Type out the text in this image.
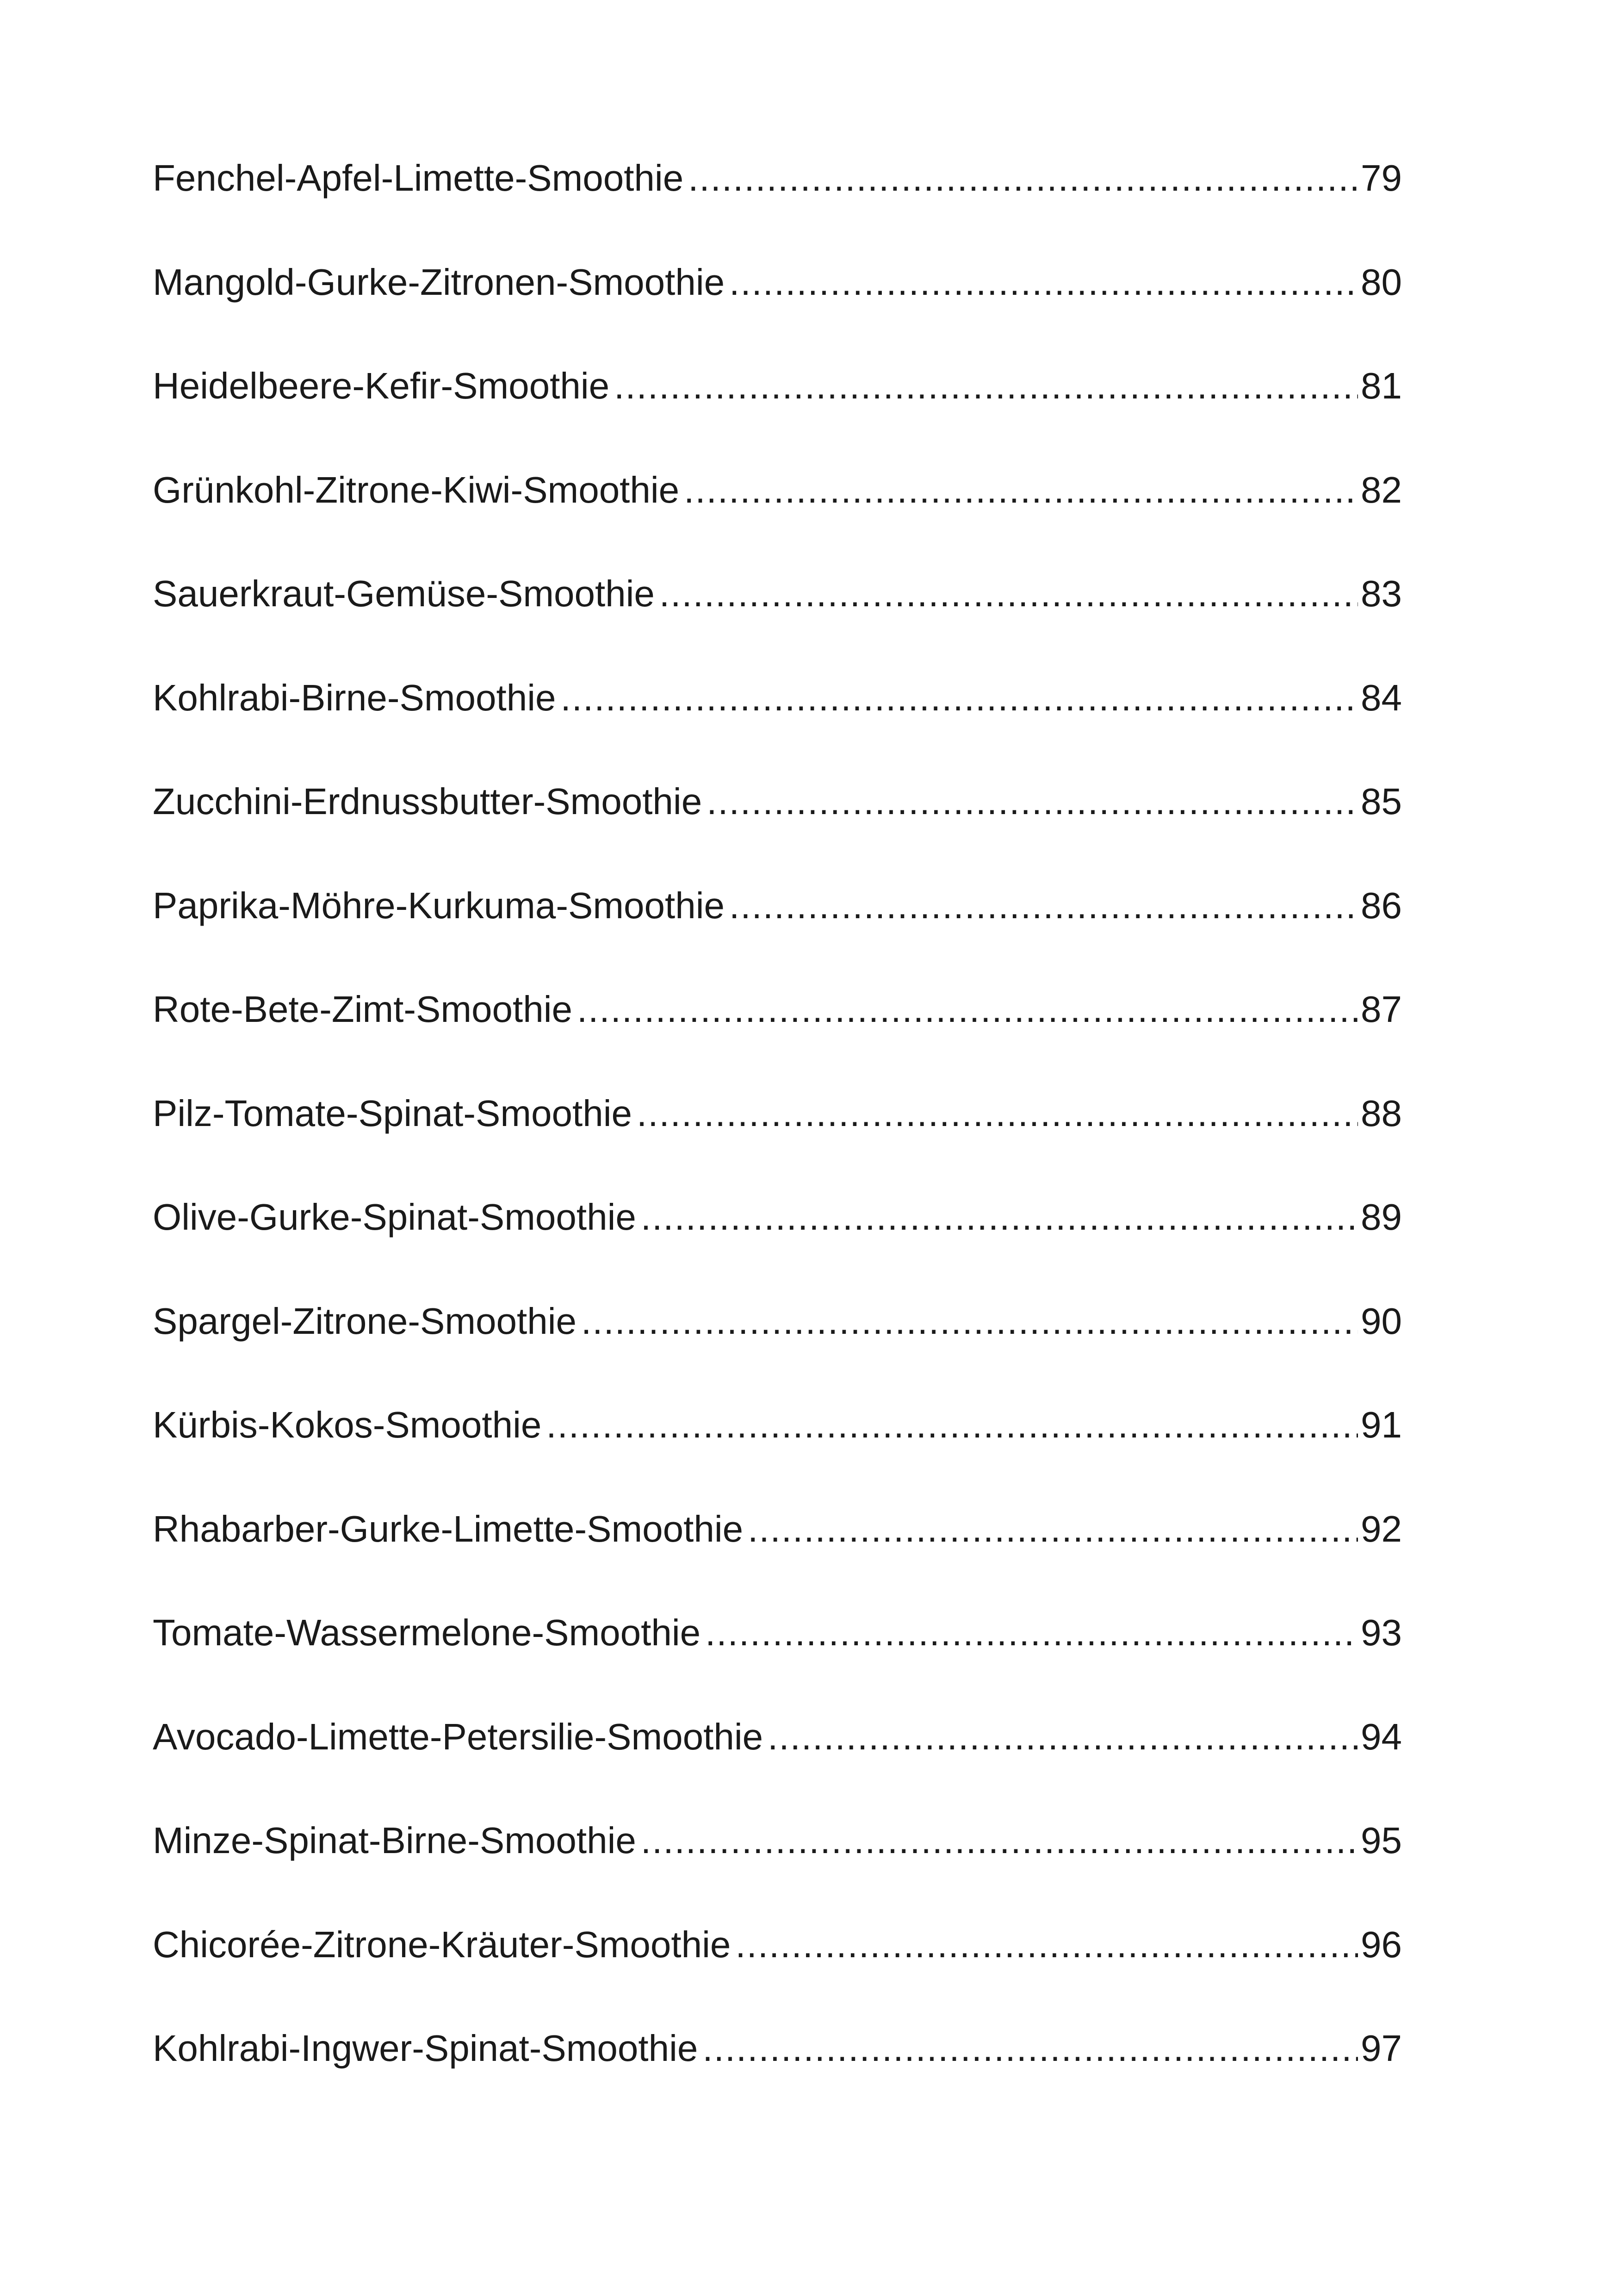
Fenchel-Apfel-Limette-Smoothie .....	79
Mangold-Gurke-Zitronen-Smoothie .....	80
Heidelbeere-Kefir-Smoothie .....	81
Grünkohl-Zitrone-Kiwi-Smoothie .....	82
Sauerkraut-Gemüse-Smoothie .....	83
Kohlrabi-Birne-Smoothie .....	84
Zucchini-Erdnussbutter-Smoothie .....	85
Paprika-Möhre-Kurkuma-Smoothie .....	86
Rote-Bete-Zimt-Smoothie .....	87
Pilz-Tomate-Spinat-Smoothie .....	88
Olive-Gurke-Spinat-Smoothie .....	89
Spargel-Zitrone-Smoothie .....	90
Kürbis-Kokos-Smoothie .....	91
Rhabarber-Gurke-Limette-Smoothie .....	92
Tomate-Wassermelone-Smoothie .....	93
Avocado-Limette-Petersilie-Smoothie .....	94
Minze-Spinat-Birne-Smoothie .....	95
Chicorée-Zitrone-Kräuter-Smoothie .....	96
Kohlrabi-Ingwer-Spinat-Smoothie .....	97
